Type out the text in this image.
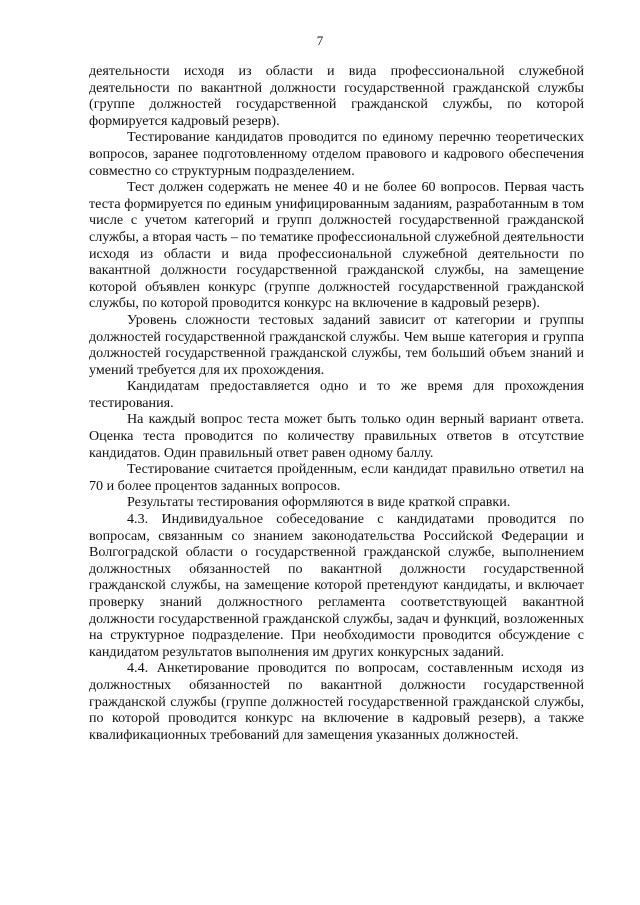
7

деятельности исходя из области и вида профессиональной служебной деятельности по вакантной должности государственной гражданской службы (группе должностей государственной гражданской службы, по которой формируется кадровый резерв).

Тестирование кандидатов проводится по единому перечню теоретических вопросов, заранее подготовленному отделом правового и кадрового обеспечения совместно со структурным подразделением.

Тест должен содержать не менее 40 и не более 60 вопросов. Первая часть теста формируется по единым унифицированным заданиям, разработанным в том числе с учетом категорий и групп должностей государственной гражданской службы, а вторая часть – по тематике профессиональной служебной деятельности исходя из области и вида профессиональной служебной деятельности по вакантной должности государственной гражданской службы, на замещение которой объявлен конкурс (группе должностей государственной гражданской службы, по которой проводится конкурс на включение в кадровый резерв).

Уровень сложности тестовых заданий зависит от категории и группы должностей государственной гражданской службы. Чем выше категория и группа должностей государственной гражданской службы, тем больший объем знаний и умений требуется для их прохождения.

Кандидатам предоставляется одно и то же время для прохождения тестирования.

На каждый вопрос теста может быть только один верный вариант ответа. Оценка теста проводится по количеству правильных ответов в отсутствие кандидатов. Один правильный ответ равен одному баллу.

Тестирование считается пройденным, если кандидат правильно ответил на 70 и более процентов заданных вопросов.

Результаты тестирования оформляются в виде краткой справки.

4.3. Индивидуальное собеседование с кандидатами проводится по вопросам, связанным со знанием законодательства Российской Федерации и Волгоградской области о государственной гражданской службе, выполнением должностных обязанностей по вакантной должности государственной гражданской службы, на замещение которой претендуют кандидаты, и включает проверку знаний должностного регламента соответствующей вакантной должности государственной гражданской службы, задач и функций, возложенных на структурное подразделение. При необходимости проводится обсуждение с кандидатом результатов выполнения им других конкурсных заданий.

4.4. Анкетирование проводится по вопросам, составленным исходя из должностных обязанностей по вакантной должности государственной гражданской службы (группе должностей государственной гражданской службы, по которой проводится конкурс на включение в кадровый резерв), а также квалификационных требований для замещения указанных должностей.
